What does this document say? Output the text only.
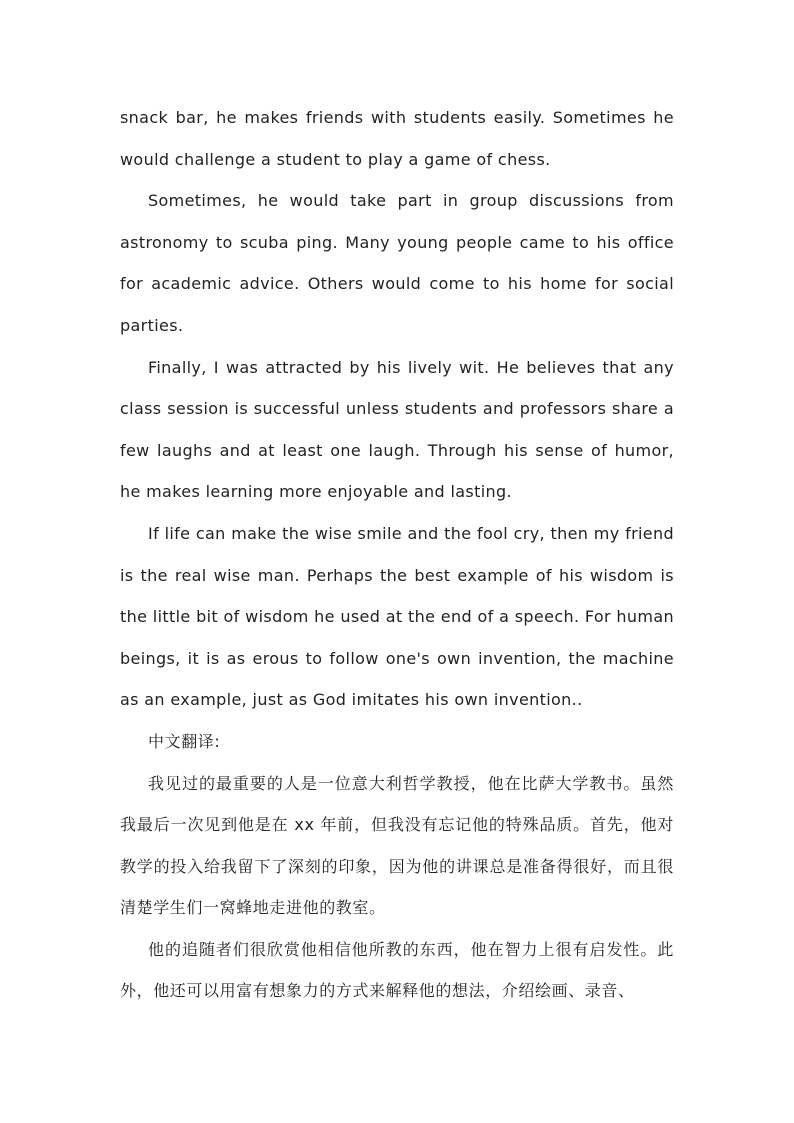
snack bar, he makes friends with students easily. Sometimes he would challenge a student to play a game of chess.

Sometimes, he would take part in group discussions from astronomy to scuba ping. Many young people came to his office for academic advice. Others would come to his home for social parties.

Finally, I was attracted by his lively wit. He believes that any class session is successful unless students and professors share a few laughs and at least one laugh. Through his sense of humor, he makes learning more enjoyable and lasting.

If life can make the wise smile and the fool cry, then my friend is the real wise man. Perhaps the best example of his wisdom is the little bit of wisdom he used at the end of a speech. For human beings, it is as erous to follow one's own invention, the machine as an example, just as God imitates his own invention..

中文翻译:

我见过的最重要的人是一位意大利哲学教授，他在比萨大学教书。虽然我最后一次见到他是在 xx 年前，但我没有忘记他的特殊品质。首先，他对教学的投入给我留下了深刻的印象，因为他的讲课总是准备得很好，而且很清楚学生们一窝蜂地走进他的教室。

他的追随者们很欣赏他相信他所教的东西，他在智力上很有启发性。此外，他还可以用富有想象力的方式来解释他的想法，介绍绘画、录音、
